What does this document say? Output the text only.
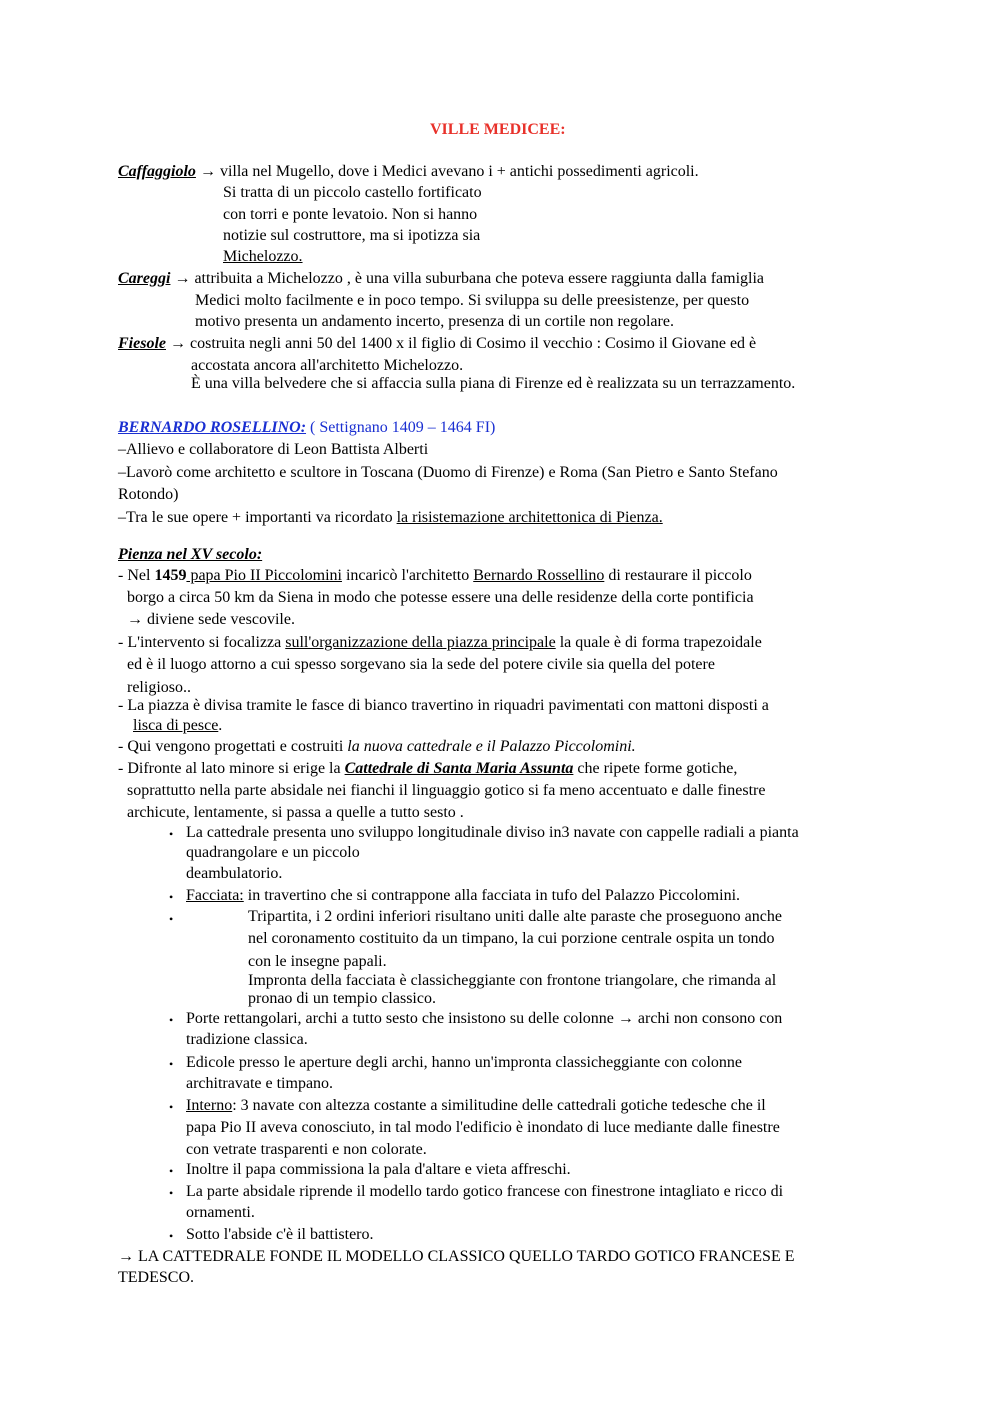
VILLE MEDICEE:
Caffaggiolo → villa nel Mugello, dove i Medici avevano i + antichi possedimenti agricoli.
Si tratta di un piccolo castello fortificato
con torri e ponte levatoio. Non si hanno
notizie sul costruttore, ma si ipotizza sia
Michelozzo.
Careggi → attribuita a Michelozzo , è una villa suburbana che poteva essere raggiunta dalla famiglia
Medici molto facilmente e in poco tempo. Si sviluppa su delle preesistenze, per questo
motivo presenta un andamento incerto, presenza di un cortile non regolare.
Fiesole → costruita negli anni 50 del 1400 x il figlio di Cosimo il vecchio : Cosimo il Giovane ed è
accostata ancora all'architetto Michelozzo.
È una villa belvedere che si affaccia sulla piana di Firenze ed è realizzata su un terrazzamento.
BERNARDO ROSELLINO: ( Settignano 1409 – 1464 FI)
–Allievo e collaboratore di Leon Battista Alberti
–Lavorò come architetto e scultore in Toscana (Duomo di Firenze) e Roma (San Pietro e Santo Stefano
Rotondo)
–Tra le sue opere + importanti va ricordato la risistemazione architettonica di Pienza.
Pienza nel XV secolo:
- Nel 1459 papa Pio II Piccolomini incaricò l'architetto Bernardo Rossellino di restaurare il piccolo
borgo a circa 50 km da Siena in modo che potesse essere una delle residenze della corte pontificia
→ diviene sede vescovile.
- L'intervento si focalizza sull'organizzazione della piazza principale la quale è di forma trapezoidale
ed è il luogo attorno a cui spesso sorgevano sia la sede del potere civile sia quella del potere
religioso..
- La piazza è divisa tramite le fasce di bianco travertino in riquadri pavimentati con mattoni disposti a
lisca di pesce.
- Qui vengono progettati e costruiti la nuova cattedrale e il Palazzo Piccolomini.
- Difronte al lato minore si erige la Cattedrale di Santa Maria Assunta che ripete forme gotiche,
soprattutto nella parte absidale nei fianchi il linguaggio gotico si fa meno accentuato e dalle finestre
archicute, lentamente, si passa a quelle a tutto sesto .
• La cattedrale presenta uno sviluppo longitudinale diviso in3 navate con cappelle radiali a pianta
quadrangolare e un piccolo
deambulatorio.
• Facciata: in travertino che si contrappone alla facciata in tufo del Palazzo Piccolomini.
•	Tripartita, i 2 ordini inferiori risultano uniti dalle alte paraste che proseguono anche
nel coronamento costituito da un timpano, la cui porzione centrale ospita un tondo
con le insegne papali.
Impronta della facciata è classicheggiante con frontone triangolare, che rimanda al
pronao di un tempio classico.
• Porte rettangolari, archi a tutto sesto che insistono su delle colonne → archi non consono con
tradizione classica.
• Edicole presso le aperture degli archi, hanno un'impronta classicheggiante con colonne
architravate e timpano.
• Interno: 3 navate con altezza costante a similitudine delle cattedrali gotiche tedesche che il
papa Pio II aveva conosciuto, in tal modo l'edificio è inondato di luce mediante dalle finestre
con vetrate trasparenti e non colorate.
• Inoltre il papa commissiona la pala d'altare e vieta affreschi.
• La parte absidale riprende il modello tardo gotico francese con finestrone intagliato e ricco di
ornamenti.
• Sotto l'abside c'è il battistero.
→ LA CATTEDRALE FONDE IL MODELLO CLASSICO QUELLO TARDO GOTICO FRANCESE E
TEDESCO.
